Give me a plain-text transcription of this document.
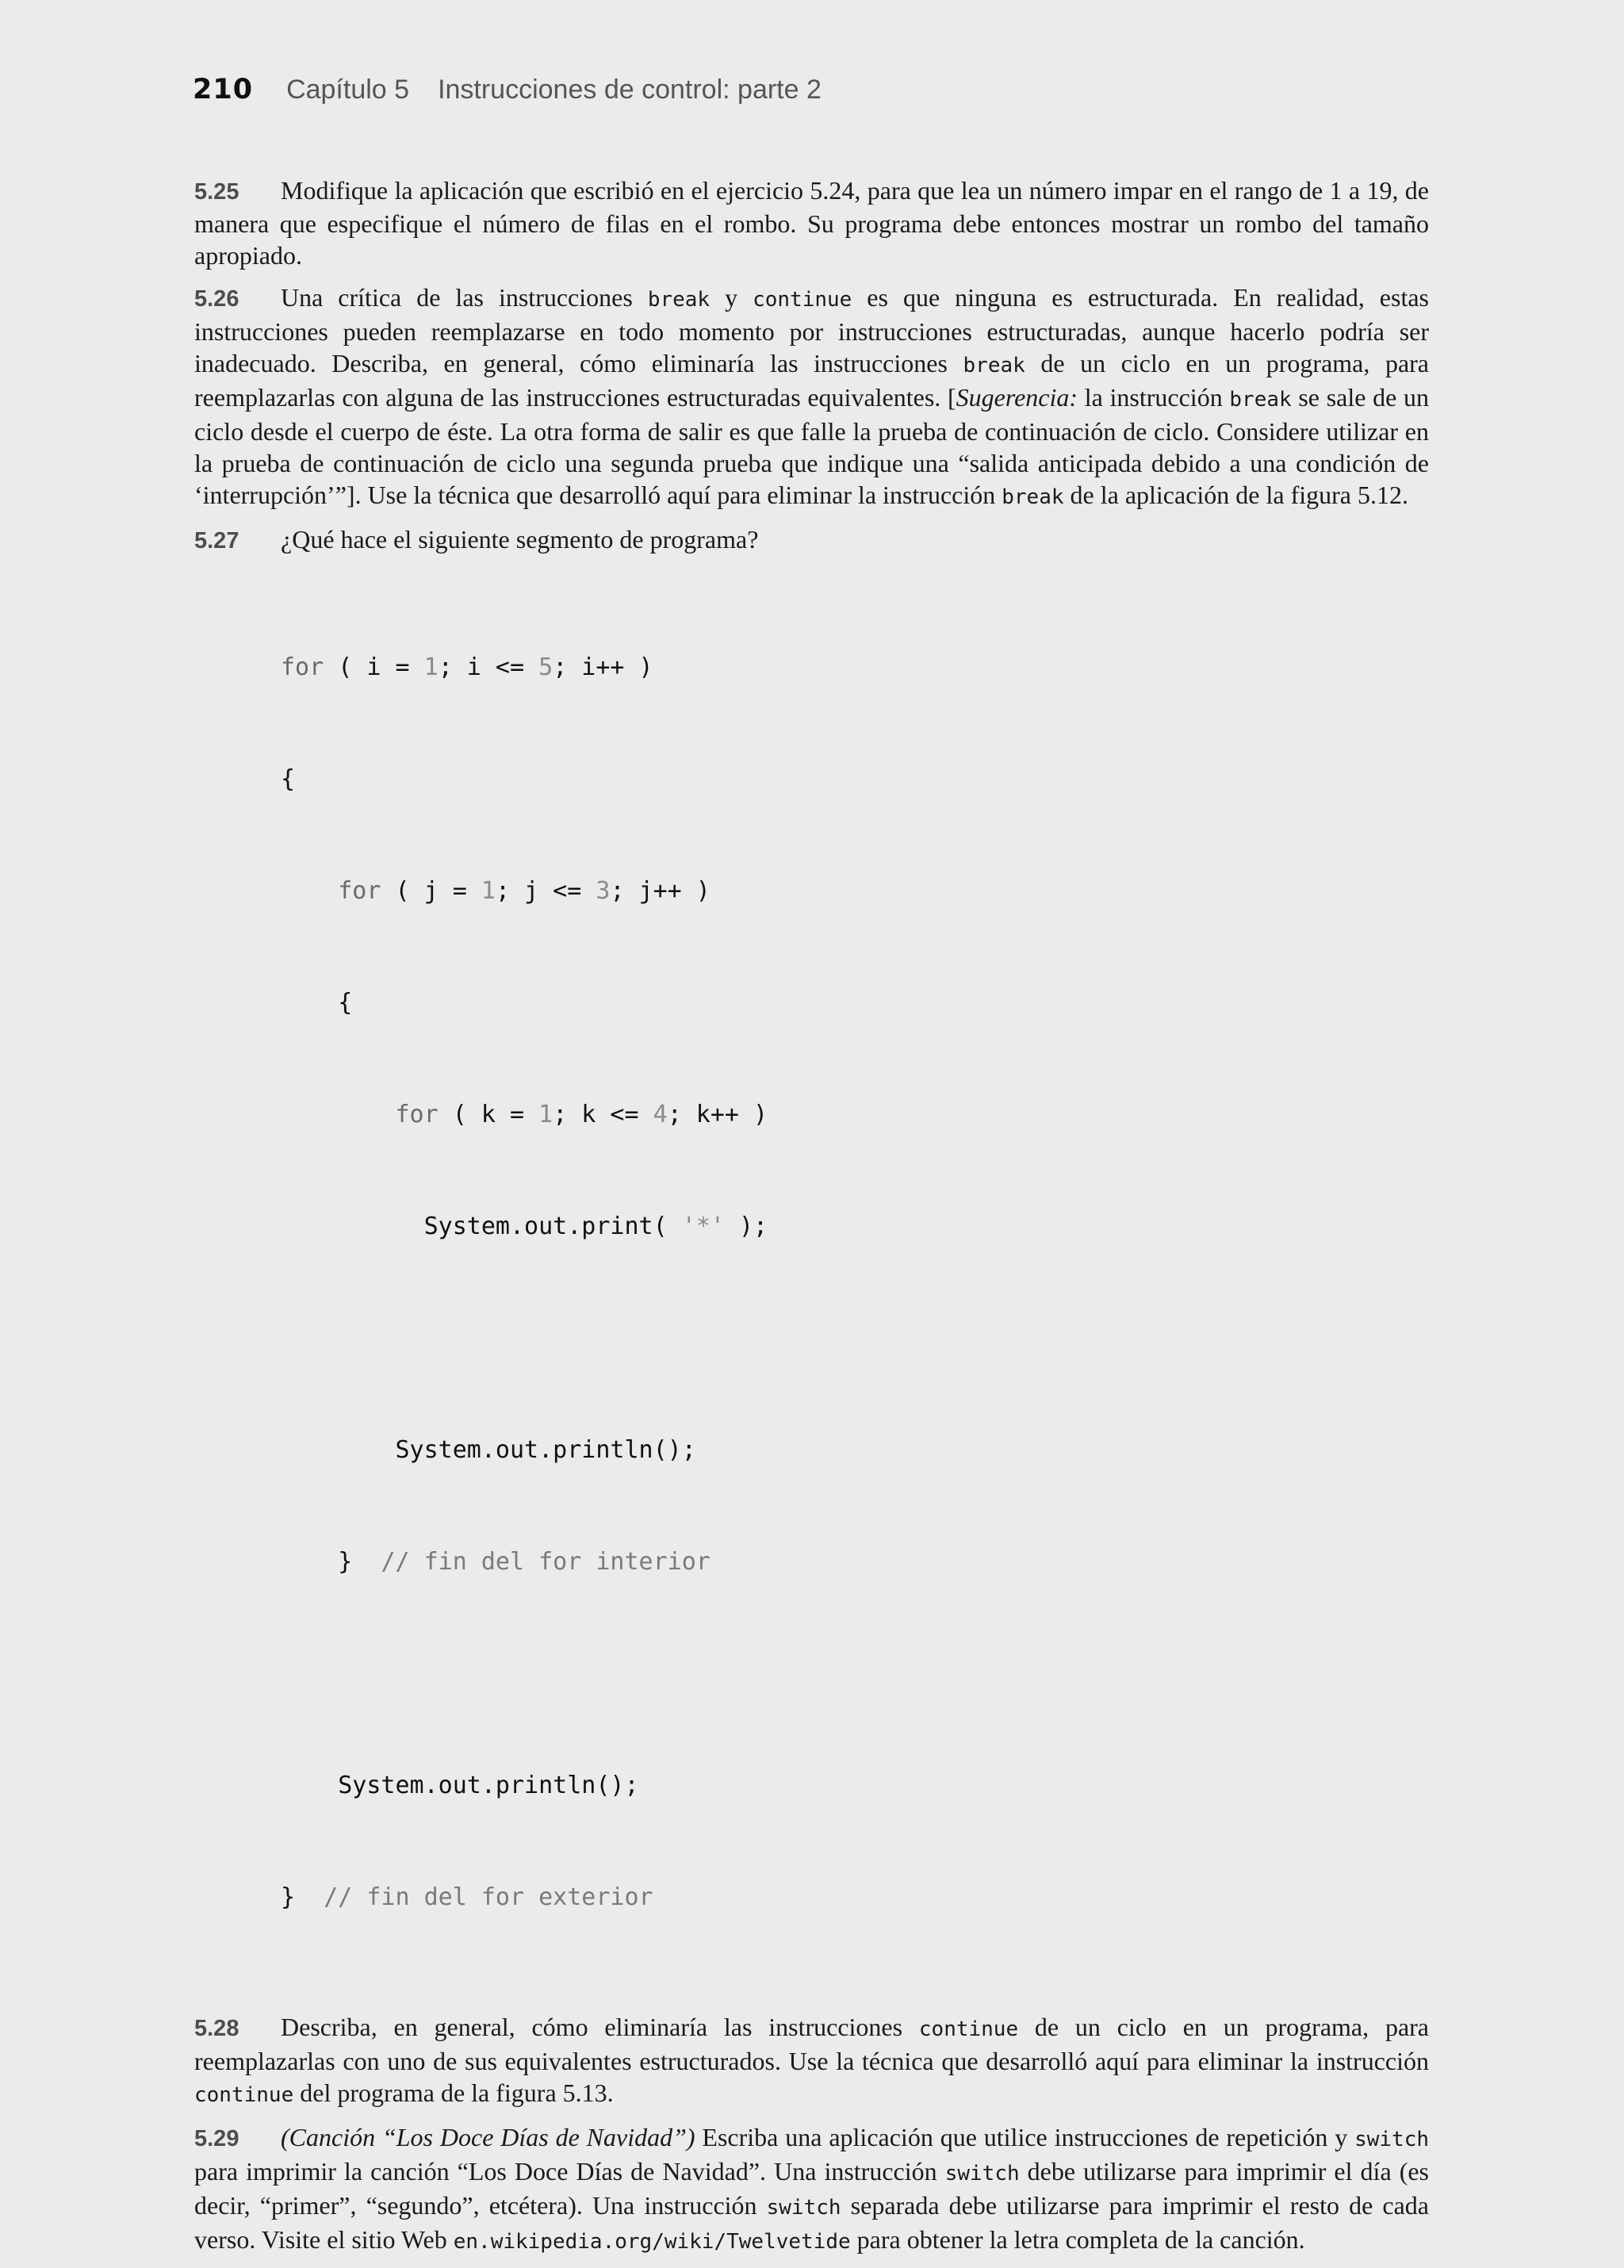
210 Capítulo 5 Instrucciones de control: parte 2

5.25 Modifique la aplicación que escribió en el ejercicio 5.24, para que lea un número impar en el rango de 1 a 19, de manera que especifique el número de filas en el rombo. Su programa debe entonces mostrar un rombo del tamaño apropiado.

5.26 Una crítica de las instrucciones break y continue es que ninguna es estructurada. En realidad, estas instrucciones pueden reemplazarse en todo momento por instrucciones estructuradas, aunque hacerlo podría ser inadecuado. Describa, en general, cómo eliminaría las instrucciones break de un ciclo en un programa, para reemplazarlas con alguna de las instrucciones estructuradas equivalentes. [Sugerencia: la instrucción break se sale de un ciclo desde el cuerpo de éste. La otra forma de salir es que falle la prueba de continuación de ciclo. Considere utilizar en la prueba de continuación de ciclo una segunda prueba que indique una “salida anticipada debido a una condición de ‘interrupción’”]. Use la técnica que desarrolló aquí para eliminar la instrucción break de la aplicación de la figura 5.12.

5.27 ¿Qué hace el siguiente segmento de programa?

for ( i = 1; i <= 5; i++ )

{

for ( j = 1; j <= 3; j++ )

{

for ( k = 1; k <= 4; k++ )

System.out.print( '*' );

System.out.println();

}  // fin del for interior

System.out.println();

}  // fin del for exterior

5.28 Describa, en general, cómo eliminaría las instrucciones continue de un ciclo en un programa, para reemplazarlas con uno de sus equivalentes estructurados. Use la técnica que desarrolló aquí para eliminar la instrucción continue del programa de la figura 5.13.

5.29 (Canción “Los Doce Días de Navidad”) Escriba una aplicación que utilice instrucciones de repetición y switch para imprimir la canción “Los Doce Días de Navidad”. Una instrucción switch debe utilizarse para imprimir el día (es decir, “primer”, “segundo”, etcétera). Una instrucción switch separada debe utilizarse para imprimir el resto de cada verso. Visite el sitio Web en.wikipedia.org/wiki/Twelvetide para obtener la letra completa de la canción.
